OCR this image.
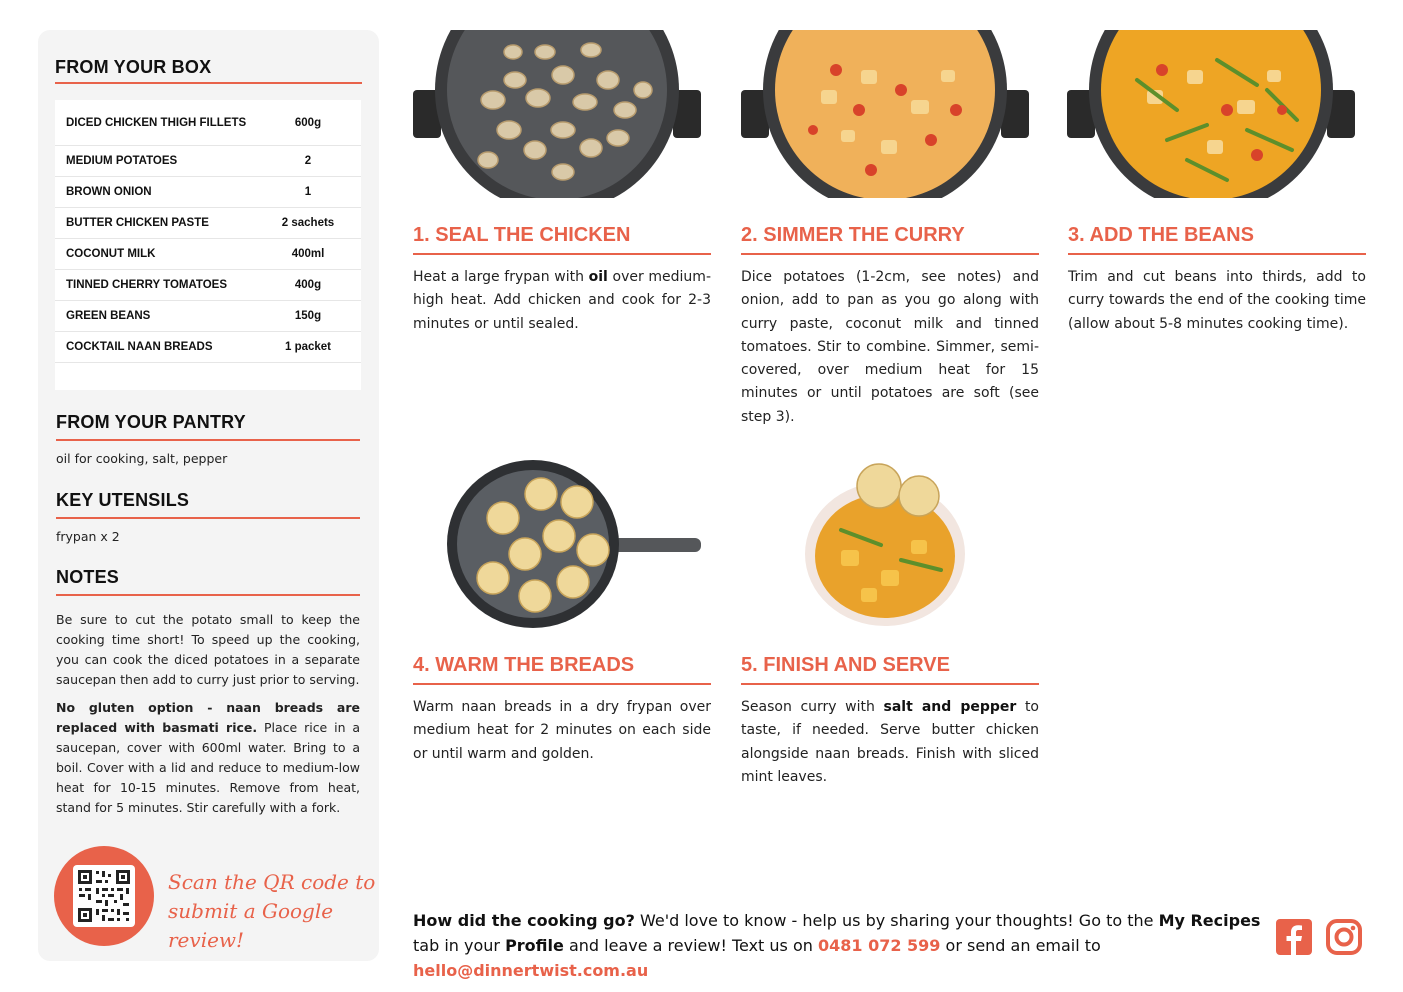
FROM YOUR BOX
DICED CHICKEN THIGH FILLETS	600g
MEDIUM POTATOES	2
BROWN ONION	1
BUTTER CHICKEN PASTE	2 sachets
COCONUT MILK	400ml
TINNED CHERRY TOMATOES	400g
GREEN BEANS	150g
COCKTAIL NAAN BREADS	1 packet
FROM YOUR PANTRY
oil for cooking, salt, pepper
KEY UTENSILS
frypan x 2
NOTES
Be sure to cut the potato small to keep the cooking time short! To speed up the cooking, you can cook the diced potatoes in a separate saucepan then add to curry just prior to serving.
No gluten option - naan breads are replaced with basmati rice. Place rice in a saucepan, cover with 600ml water. Bring to a boil. Cover with a lid and reduce to medium-low heat for 10-15 minutes. Remove from heat, stand for 5 minutes. Stir carefully with a fork.
Scan the QR code to
submit a Google review!
1. SEAL THE CHICKEN
Heat a large frypan with oil over medium-high heat. Add chicken and cook for 2-3 minutes or until sealed.
2. SIMMER THE CURRY
Dice potatoes (1-2cm, see notes) and onion, add to pan as you go along with curry paste, coconut milk and tinned tomatoes. Stir to combine. Simmer, semi-covered, over medium heat for 15 minutes or until potatoes are soft (see step 3).
3. ADD THE BEANS
Trim and cut beans into thirds, add to curry towards the end of the cooking time (allow about 5-8 minutes cooking time).
4. WARM THE BREADS
Warm naan breads in a dry frypan over medium heat for 2 minutes on each side or until warm and golden.
5. FINISH AND SERVE
Season curry with salt and pepper to taste, if needed. Serve butter chicken alongside naan breads. Finish with sliced mint leaves.
How did the cooking go? We'd love to know - help us by sharing your thoughts! Go to the My Recipes tab in your Profile and leave a review! Text us on 0481 072 599 or send an email to hello@dinnertwist.com.au
